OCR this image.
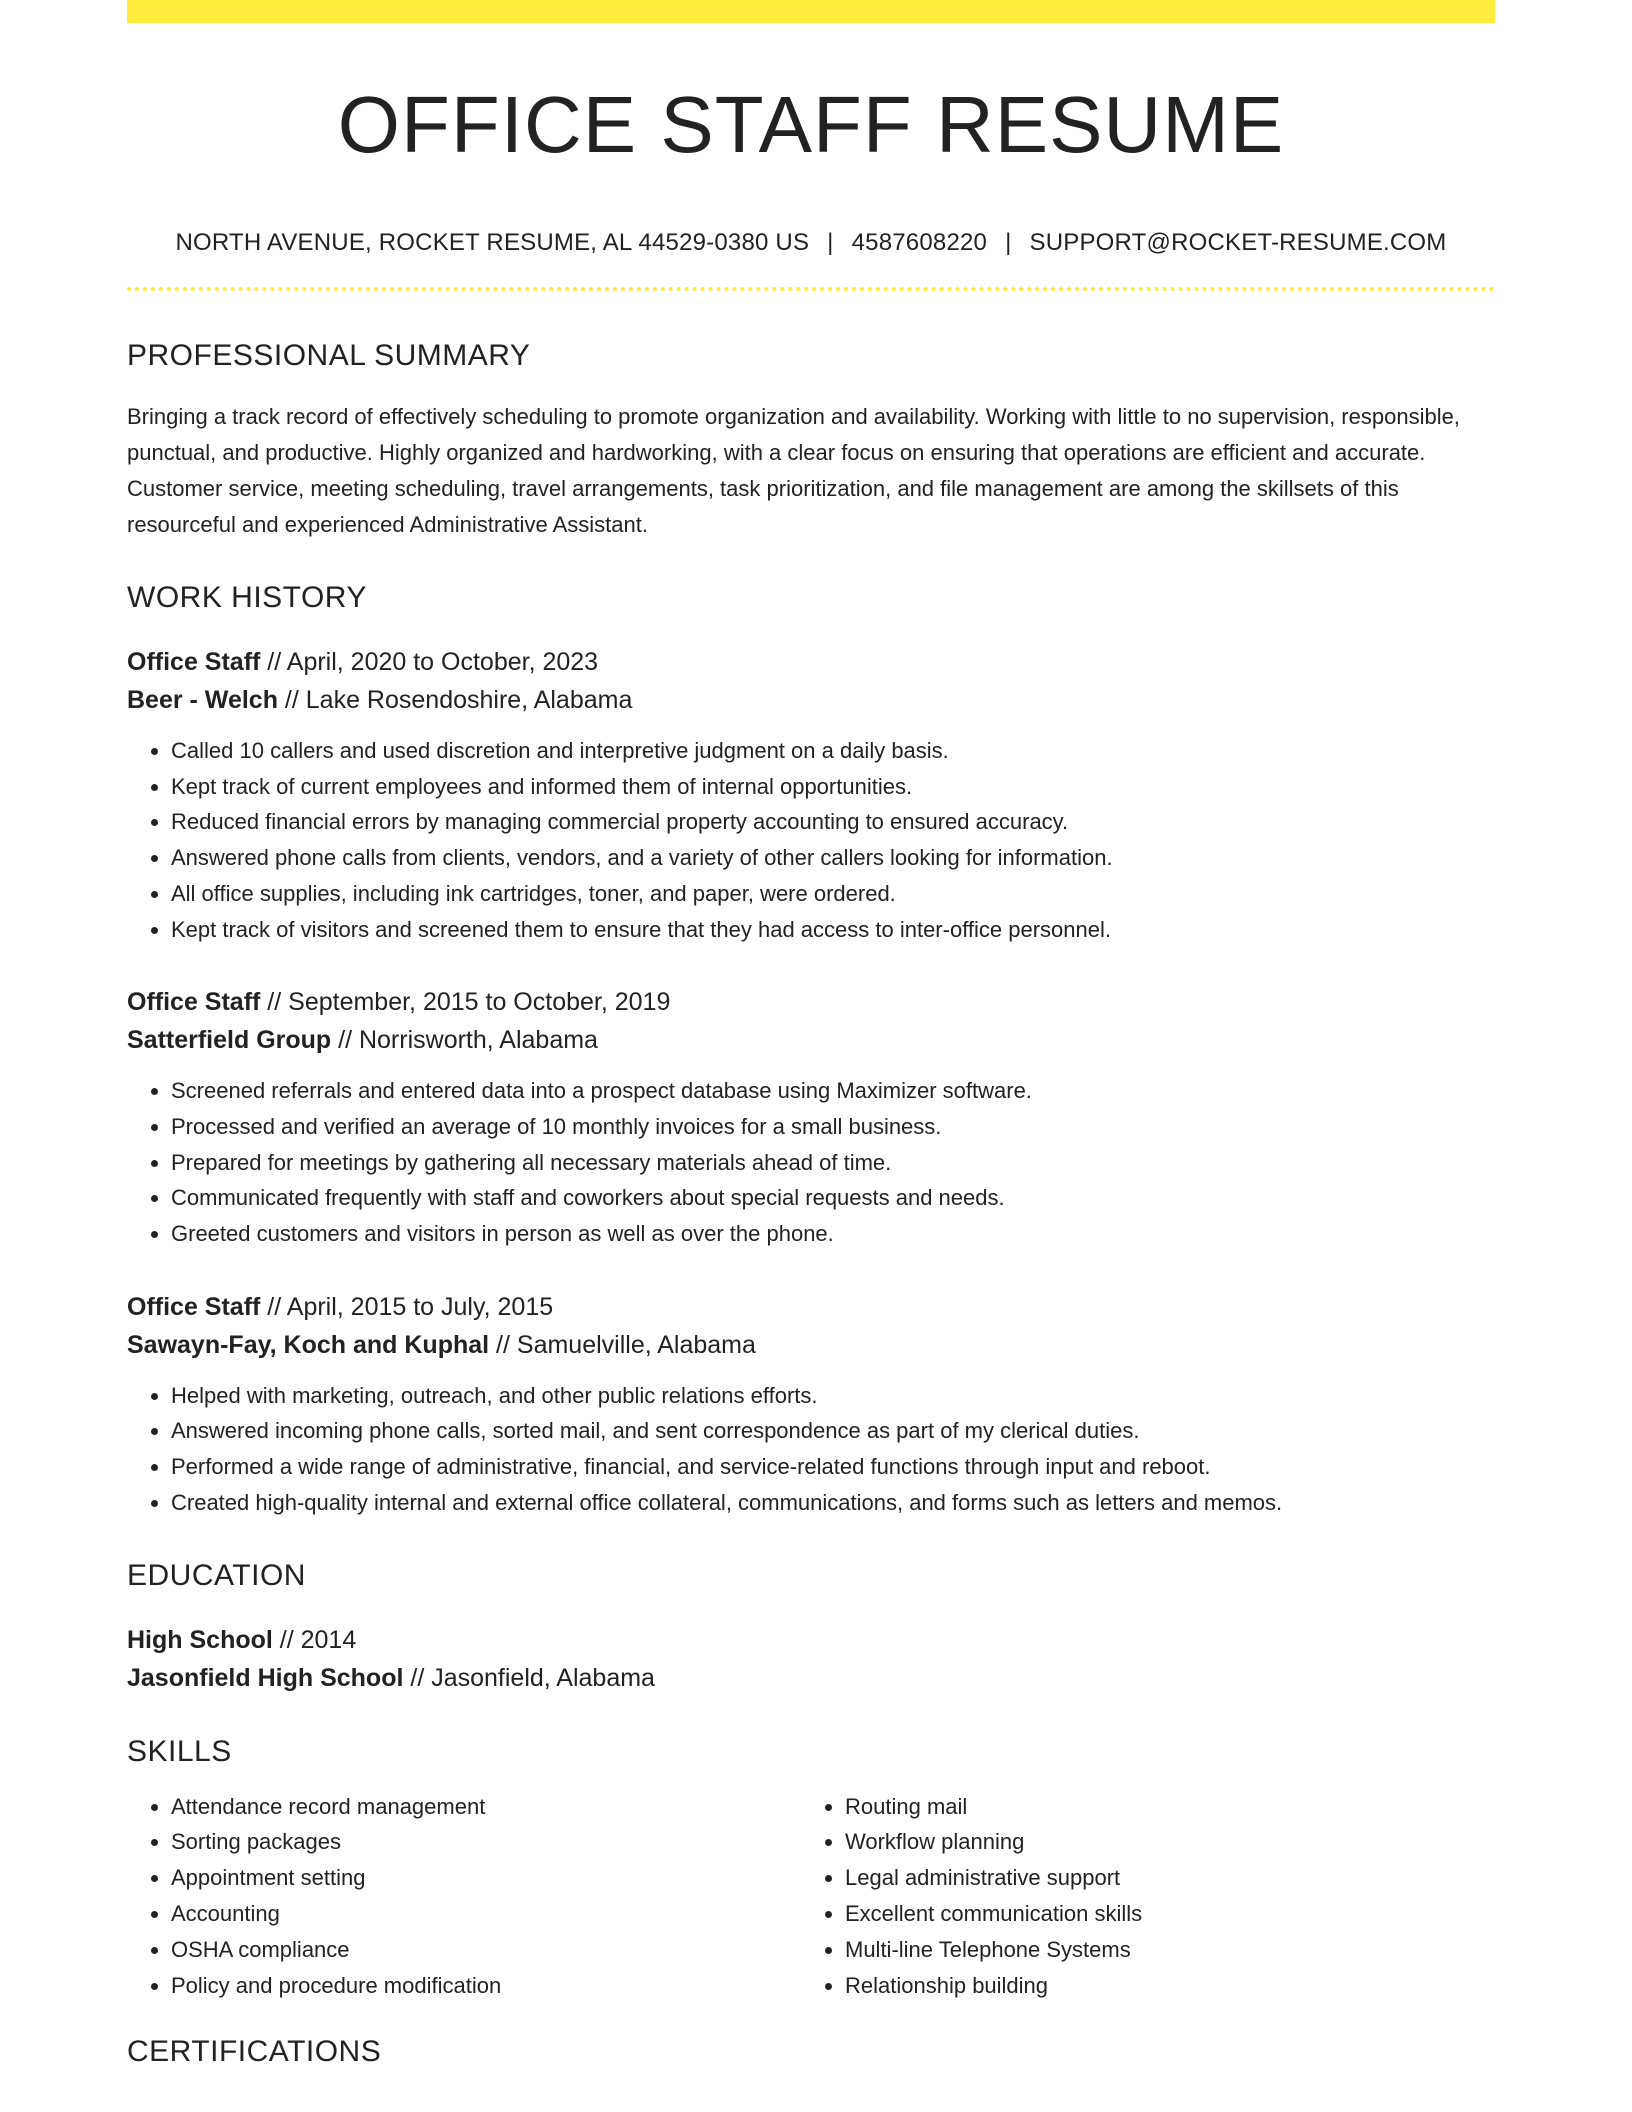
OFFICE STAFF RESUME
NORTH AVENUE, ROCKET RESUME, AL 44529-0380 US | 4587608220 | SUPPORT@ROCKET-RESUME.COM
PROFESSIONAL SUMMARY

Bringing a track record of effectively scheduling to promote organization and availability. Working with little to no supervision, responsible, punctual, and productive. Highly organized and hardworking, with a clear focus on ensuring that operations are efficient and accurate. Customer service, meeting scheduling, travel arrangements, task prioritization, and file management are among the skillsets of this resourceful and experienced Administrative Assistant.

WORK HISTORY
Office Staff // April, 2020 to October, 2023
Beer - Welch // Lake Rosendoshire, Alabama
• Called 10 callers and used discretion and interpretive judgment on a daily basis.
• Kept track of current employees and informed them of internal opportunities.
• Reduced financial errors by managing commercial property accounting to ensured accuracy.
• Answered phone calls from clients, vendors, and a variety of other callers looking for information.
• All office supplies, including ink cartridges, toner, and paper, were ordered.
• Kept track of visitors and screened them to ensure that they had access to inter-office personnel.
Office Staff // September, 2015 to October, 2019
Satterfield Group // Norrisworth, Alabama
• Screened referrals and entered data into a prospect database using Maximizer software.
• Processed and verified an average of 10 monthly invoices for a small business.
• Prepared for meetings by gathering all necessary materials ahead of time.
• Communicated frequently with staff and coworkers about special requests and needs.
• Greeted customers and visitors in person as well as over the phone.
Office Staff // April, 2015 to July, 2015
Sawayn-Fay, Koch and Kuphal // Samuelville, Alabama
• Helped with marketing, outreach, and other public relations efforts.
• Answered incoming phone calls, sorted mail, and sent correspondence as part of my clerical duties.
• Performed a wide range of administrative, financial, and service-related functions through input and reboot.
• Created high-quality internal and external office collateral, communications, and forms such as letters and memos.
EDUCATION
High School // 2014
Jasonfield High School // Jasonfield, Alabama
SKILLS
• Attendance record management
• Sorting packages
• Appointment setting
• Accounting
• OSHA compliance
• Policy and procedure modification
• Routing mail
• Workflow planning
• Legal administrative support
• Excellent communication skills
• Multi-line Telephone Systems
• Relationship building
CERTIFICATIONS
